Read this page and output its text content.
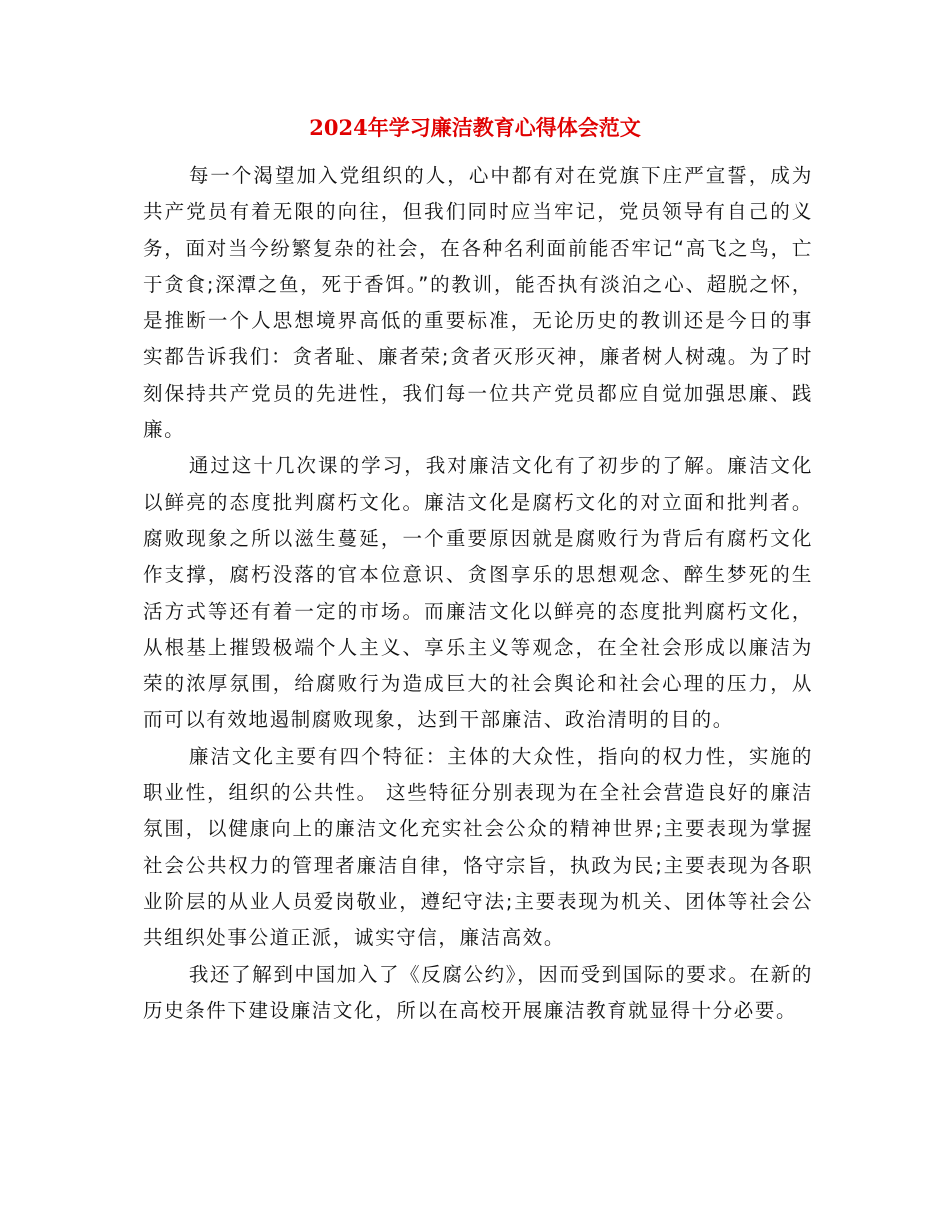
2024年学习廉洁教育心得体会范文

每一个渴望加入党组织的人，心中都有对在党旗下庄严宣誓，成为共产党员有着无限的向往，但我们同时应当牢记，党员领导有自己的义务，面对当今纷繁复杂的社会，在各种名利面前能否牢记“高飞之鸟，亡于贪食;深潭之鱼，死于香饵。”的教训，能否执有淡泊之心、超脱之怀，是推断一个人思想境界高低的重要标准，无论历史的教训还是今日的事实都告诉我们：贪者耻、廉者荣;贪者灭形灭神，廉者树人树魂。为了时刻保持共产党员的先进性，我们每一位共产党员都应自觉加强思廉、践廉。

通过这十几次课的学习，我对廉洁文化有了初步的了解。廉洁文化以鲜亮的态度批判腐朽文化。廉洁文化是腐朽文化的对立面和批判者。腐败现象之所以滋生蔓延，一个重要原因就是腐败行为背后有腐朽文化作支撑，腐朽没落的官本位意识、贪图享乐的思想观念、醉生梦死的生活方式等还有着一定的市场。而廉洁文化以鲜亮的态度批判腐朽文化，从根基上摧毁极端个人主义、享乐主义等观念，在全社会形成以廉洁为荣的浓厚氛围，给腐败行为造成巨大的社会舆论和社会心理的压力，从而可以有效地遏制腐败现象，达到干部廉洁、政治清明的目的。

廉洁文化主要有四个特征：主体的大众性，指向的权力性，实施的职业性，组织的公共性。 这些特征分别表现为在全社会营造良好的廉洁氛围，以健康向上的廉洁文化充实社会公众的精神世界;主要表现为掌握社会公共权力的管理者廉洁自律，恪守宗旨，执政为民;主要表现为各职业阶层的从业人员爱岗敬业，遵纪守法;主要表现为机关、团体等社会公共组织处事公道正派，诚实守信，廉洁高效。

我还了解到中国加入了《反腐公约》，因而受到国际的要求。在新的历史条件下建设廉洁文化，所以在高校开展廉洁教育就显得十分必要。
